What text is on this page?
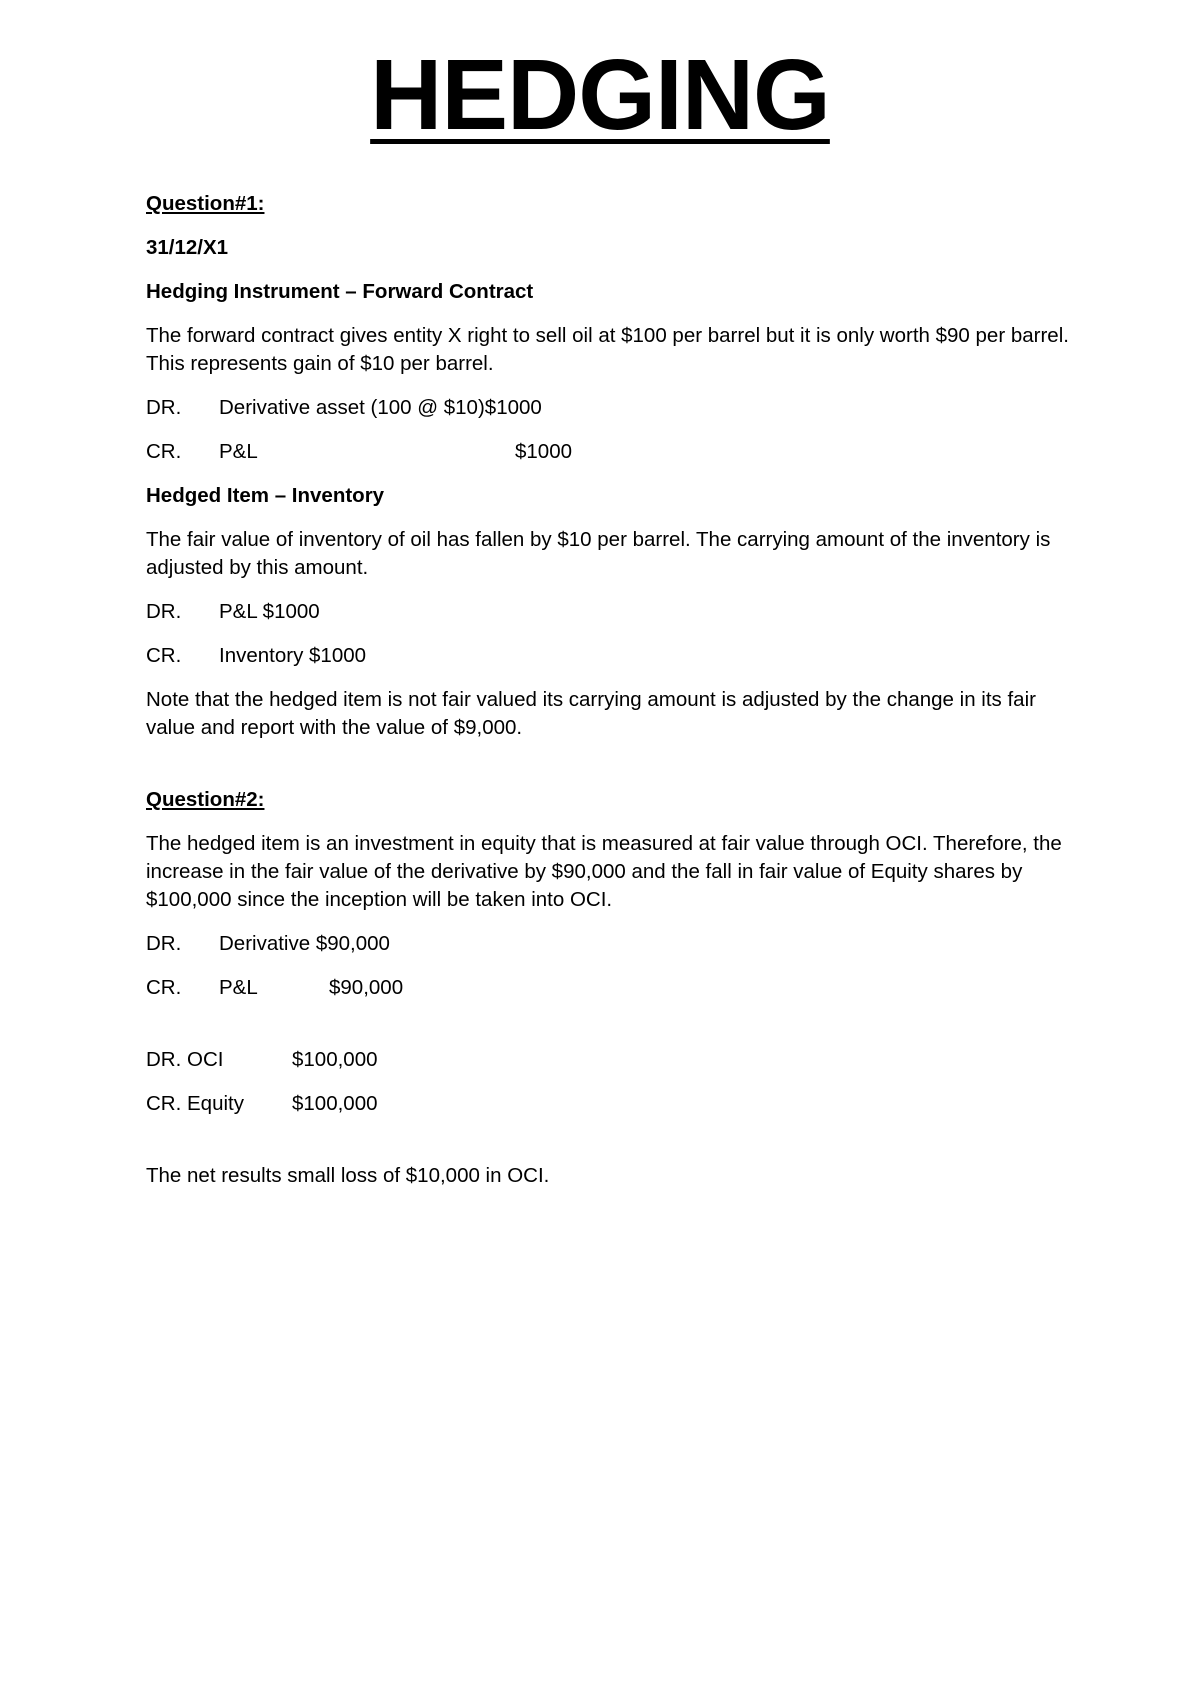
HEDGING

Question#1:

31/12/X1

Hedging Instrument – Forward Contract

The forward contract gives entity X right to sell oil at $100 per barrel but it is only worth $90 per barrel. This represents gain of $10 per barrel.

DR.	Derivative asset (100 @ $10) $1000
CR.	P&L	$1000

Hedged Item – Inventory

The fair value of inventory of oil has fallen by $10 per barrel. The carrying amount of the inventory is adjusted by this amount.

DR.	P&L $1000
CR.	Inventory $1000

Note that the hedged item is not fair valued its carrying amount is adjusted by the change in its fair value and report with the value of $9,000.

Question#2:

The hedged item is an investment in equity that is measured at fair value through OCI. Therefore, the increase in the fair value of the derivative by $90,000 and the fall in fair value of Equity shares by $100,000 since the inception will be taken into OCI.

DR.	Derivative $90,000
CR.	P&L	$90,000
DR. OCI	$100,000
CR. Equity	$100,000

The net results small loss of $10,000 in OCI.
